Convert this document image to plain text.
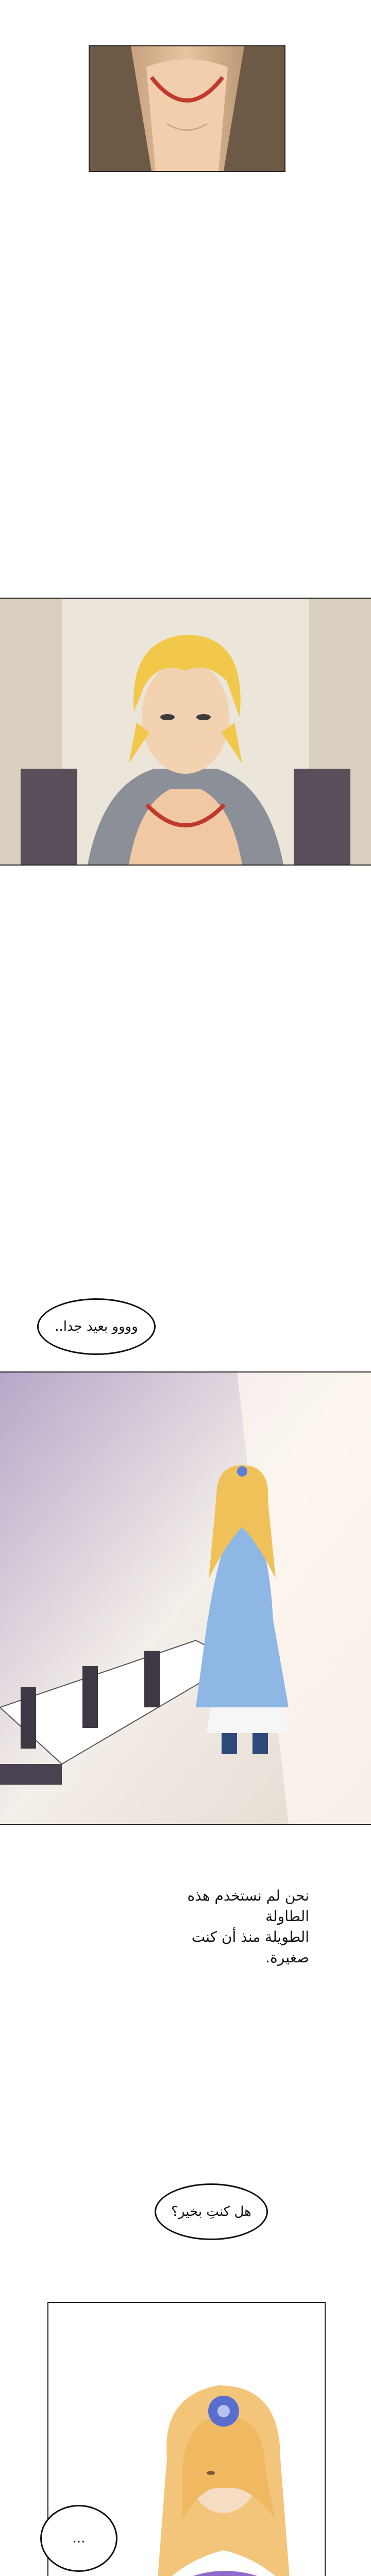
وووو بعيد جدا..
نحن لم نستخدم هذه الطاولة
الطويلة منذ أن كنت صغيرة.
هل كنتِ بخير؟
...
